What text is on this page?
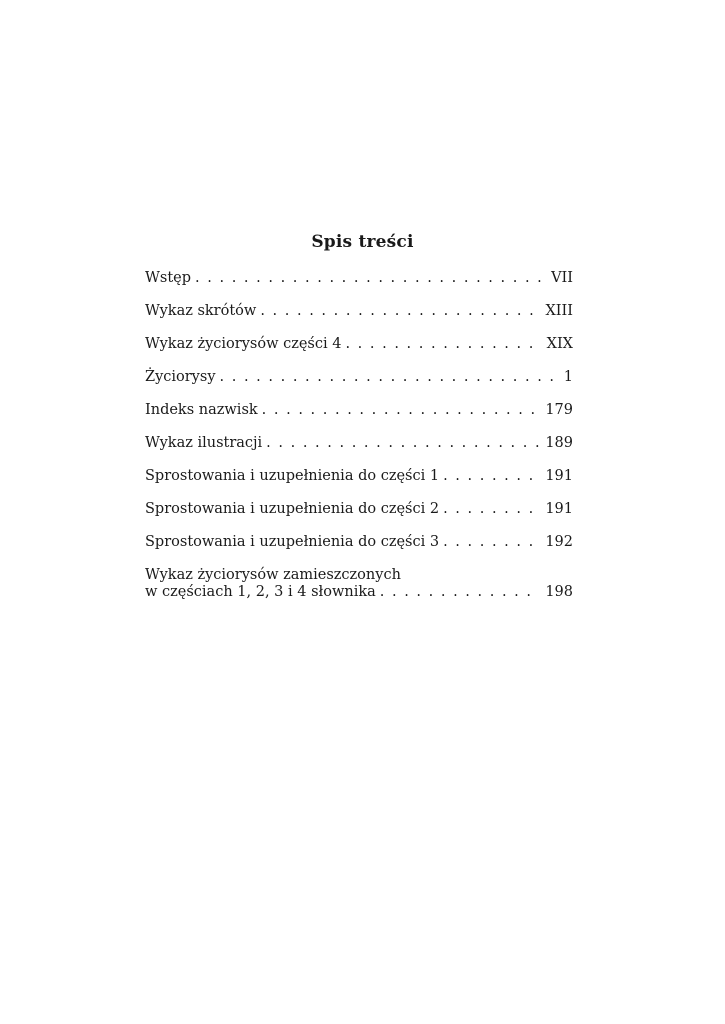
Spis treści
Wstęp . . .	VII
Wykaz skrótów . . .	XIII
Wykaz życiorysów części 4 . . .	XIX
Życiorysy . . .	1
Indeks nazwisk . . .	179
Wykaz ilustracji . . .	189
Sprostowania i uzupełnienia do części 1 . . .	191
Sprostowania i uzupełnienia do części 2 . . .	191
Sprostowania i uzupełnienia do części 3 . . .	192
Wykaz życiorysów zamieszczonych
w częściach 1, 2, 3 i 4 słownika . . .	198
